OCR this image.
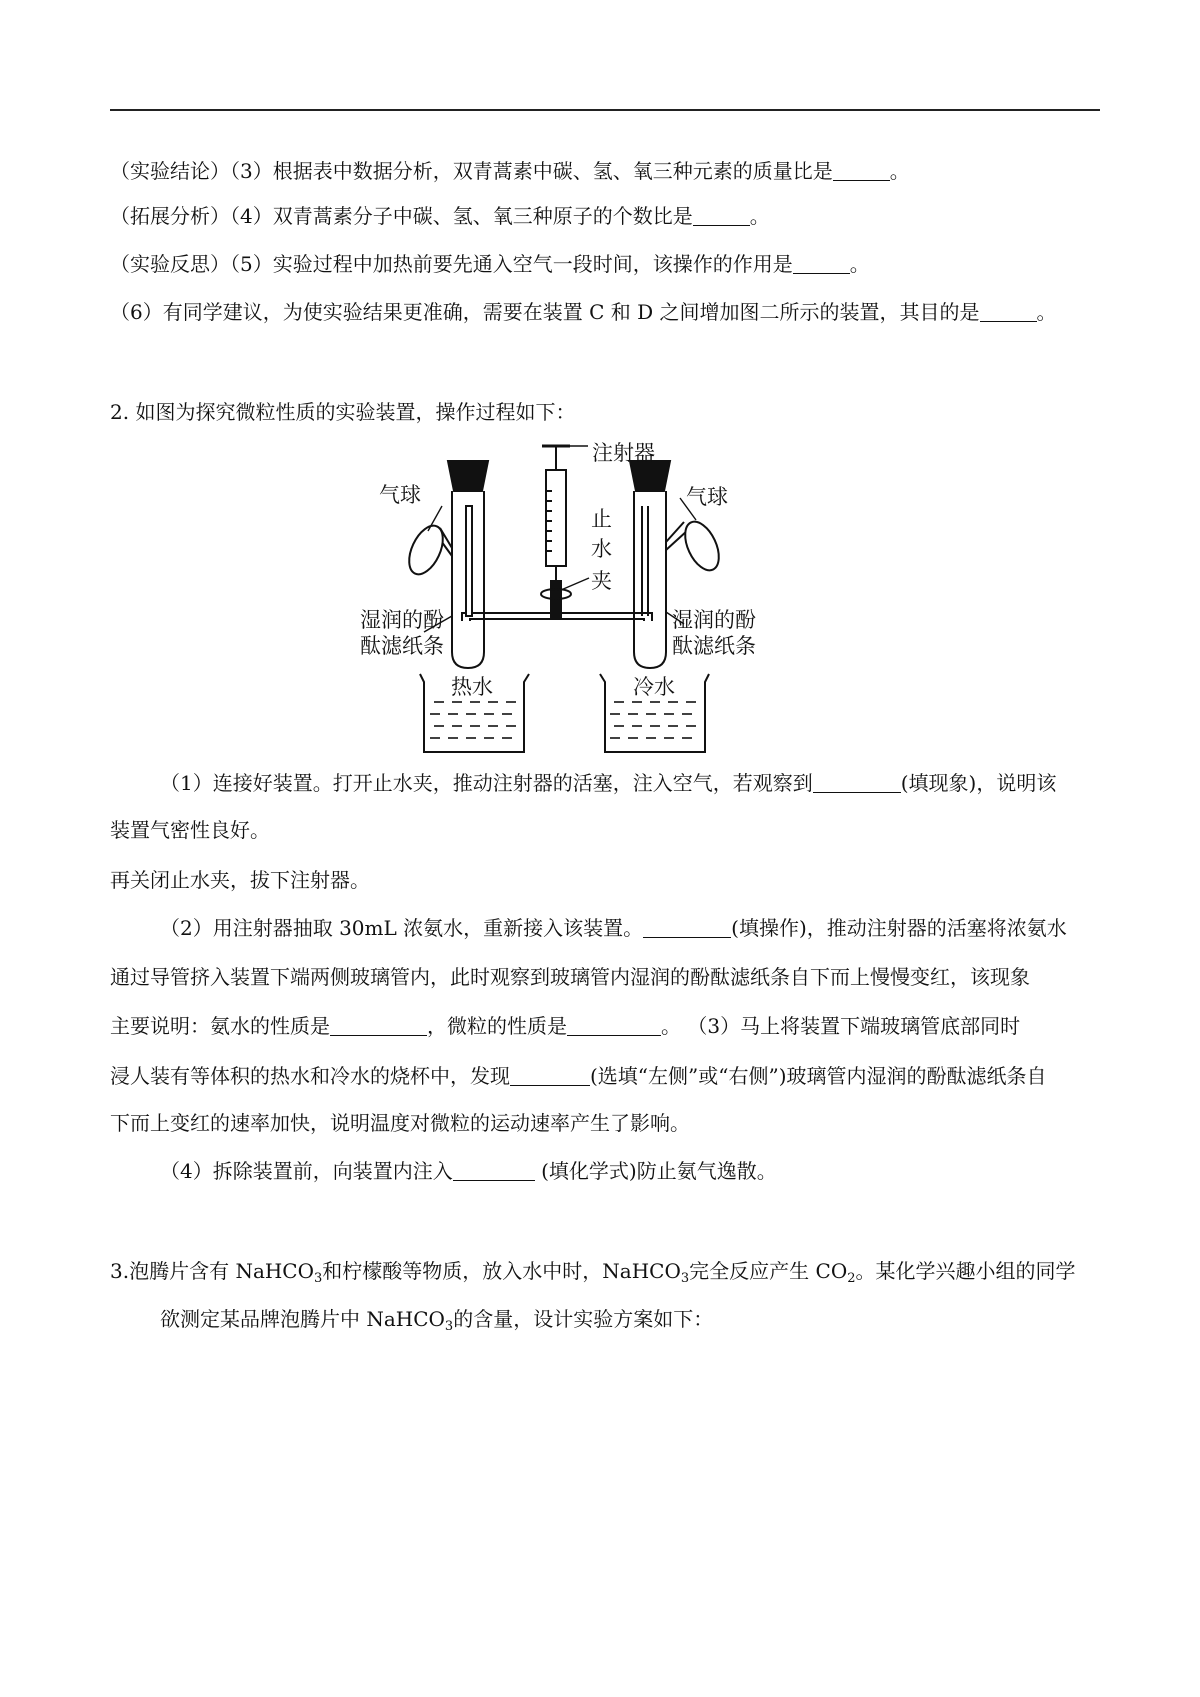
（实验结论）（3）根据表中数据分析，双青蒿素中碳、氢、氧三种元素的质量比是	。
（拓展分析）（4）双青蒿素分子中碳、氢、氧三种原子的个数比是	。
（实验反思）（5）实验过程中加热前要先通入空气一段时间，该操作的作用是	。
（6）有同学建议，为使实验结果更准确，需要在装置 C 和 D 之间增加图二所示的装置，其目的是	。
2. 如图为探究微粒性质的实验装置，操作过程如下：
注射器
气球	气球
止
水
夹
湿润的酚
酞滤纸条
湿润的酚
酞滤纸条
热水	冷水
（1）连接好装置。打开止水夹，推动注射器的活塞，注入空气，若观察到	(填现象)，说明该
装置气密性良好。
再关闭止水夹，拔下注射器。
（2）用注射器抽取 30mL 浓氨水，重新接入该装置。	(填操作)，推动注射器的活塞将浓氨水
通过导管挤入装置下端两侧玻璃管内，此时观察到玻璃管内湿润的酚酞滤纸条自下而上慢慢变红，该现象
主要说明：氨水的性质是	，微粒的性质是	。 （3）马上将装置下端玻璃管底部同时
浸人装有等体积的热水和冷水的烧杯中，发现	(选填“左侧”或“右侧”)玻璃管内湿润的酚酞滤纸条自
下而上变红的速率加快，说明温度对微粒的运动速率产生了影响。
（4）拆除装置前，向装置内注入	(填化学式)防止氨气逸散。
3.泡腾片含有 NaHCO$_3$和柠檬酸等物质，放入水中时，NaHCO$_3$完全反应产生 $CO_2$。某化学兴趣小组的同学
欲测定某品牌泡腾片中 NaHCO$_3$的含量，设计实验方案如下：
